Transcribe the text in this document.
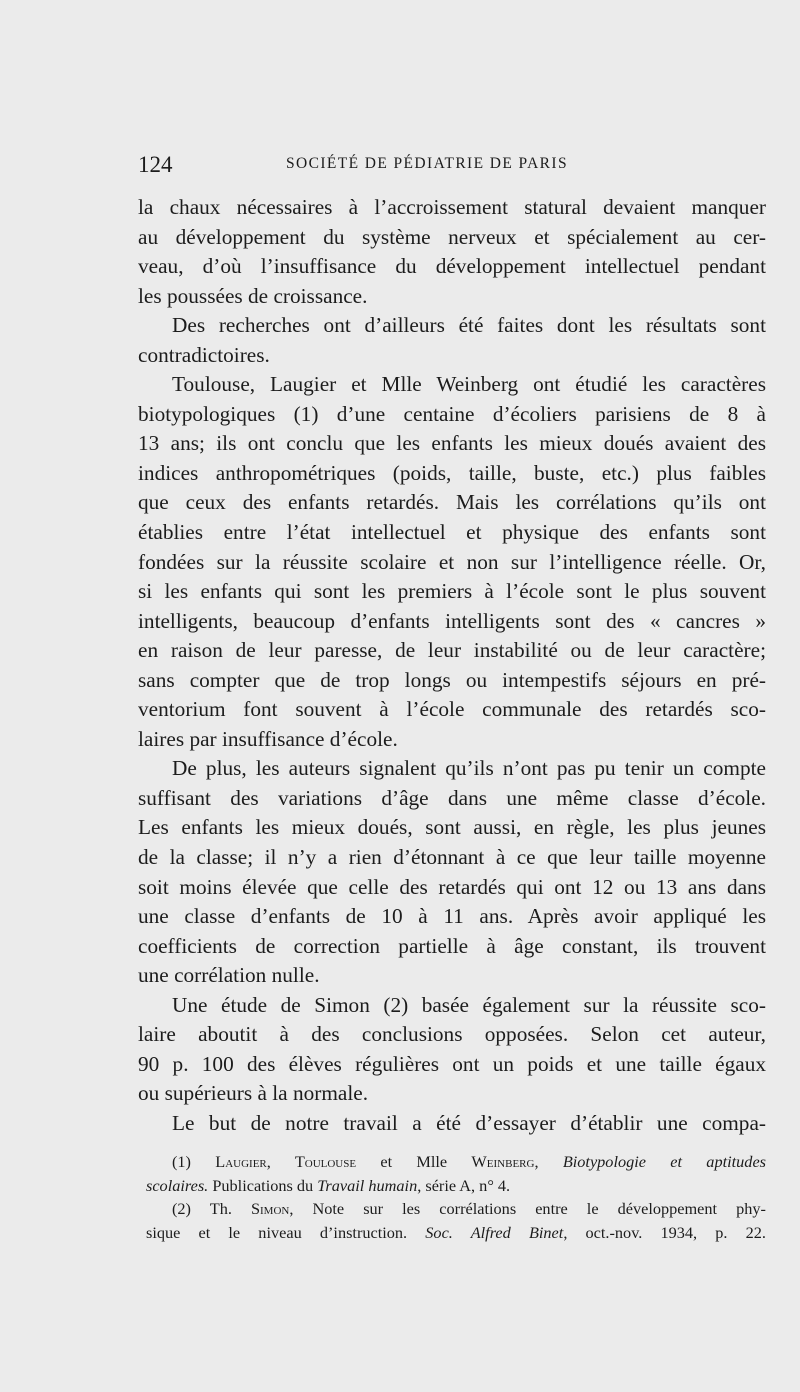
124	SOCIÉTÉ DE PÉDIATRIE DE PARIS
la chaux nécessaires à l’accroissement statural devaient manquer
au développement du système nerveux et spécialement au cer-
veau, d’où l’insuffisance du développement intellectuel pendant
les poussées de croissance.
Des recherches ont d’ailleurs été faites dont les résultats sont
contradictoires.
Toulouse, Laugier et Mlle Weinberg ont étudié les caractères
biotypologiques (1) d’une centaine d’écoliers parisiens de 8 à
13 ans; ils ont conclu que les enfants les mieux doués avaient des
indices anthropométriques (poids, taille, buste, etc.) plus faibles
que ceux des enfants retardés. Mais les corrélations qu’ils ont
établies entre l’état intellectuel et physique des enfants sont
fondées sur la réussite scolaire et non sur l’intelligence réelle. Or,
si les enfants qui sont les premiers à l’école sont le plus souvent
intelligents, beaucoup d’enfants intelligents sont des « cancres »
en raison de leur paresse, de leur instabilité ou de leur caractère;
sans compter que de trop longs ou intempestifs séjours en pré-
ventorium font souvent à l’école communale des retardés sco-
laires par insuffisance d’école.
De plus, les auteurs signalent qu’ils n’ont pas pu tenir un compte
suffisant des variations d’âge dans une même classe d’école.
Les enfants les mieux doués, sont aussi, en règle, les plus jeunes
de la classe; il n’y a rien d’étonnant à ce que leur taille moyenne
soit moins élevée que celle des retardés qui ont 12 ou 13 ans dans
une classe d’enfants de 10 à 11 ans. Après avoir appliqué les
coefficients de correction partielle à âge constant, ils trouvent
une corrélation nulle.
Une étude de Simon (2) basée également sur la réussite sco-
laire aboutit à des conclusions opposées. Selon cet auteur,
90 p. 100 des élèves régulières ont un poids et une taille égaux
ou supérieurs à la normale.
Le but de notre travail a été d’essayer d’établir une compa-
(1) Laugier, Toulouse et Mlle Weinberg, Biotypologie et aptitudes
scolaires. Publications du Travail humain, série A, n° 4.
(2) Th. Simon, Note sur les corrélations entre le développement phy-
sique et le niveau d’instruction. Soc. Alfred Binet, oct.-nov. 1934, p. 22.
